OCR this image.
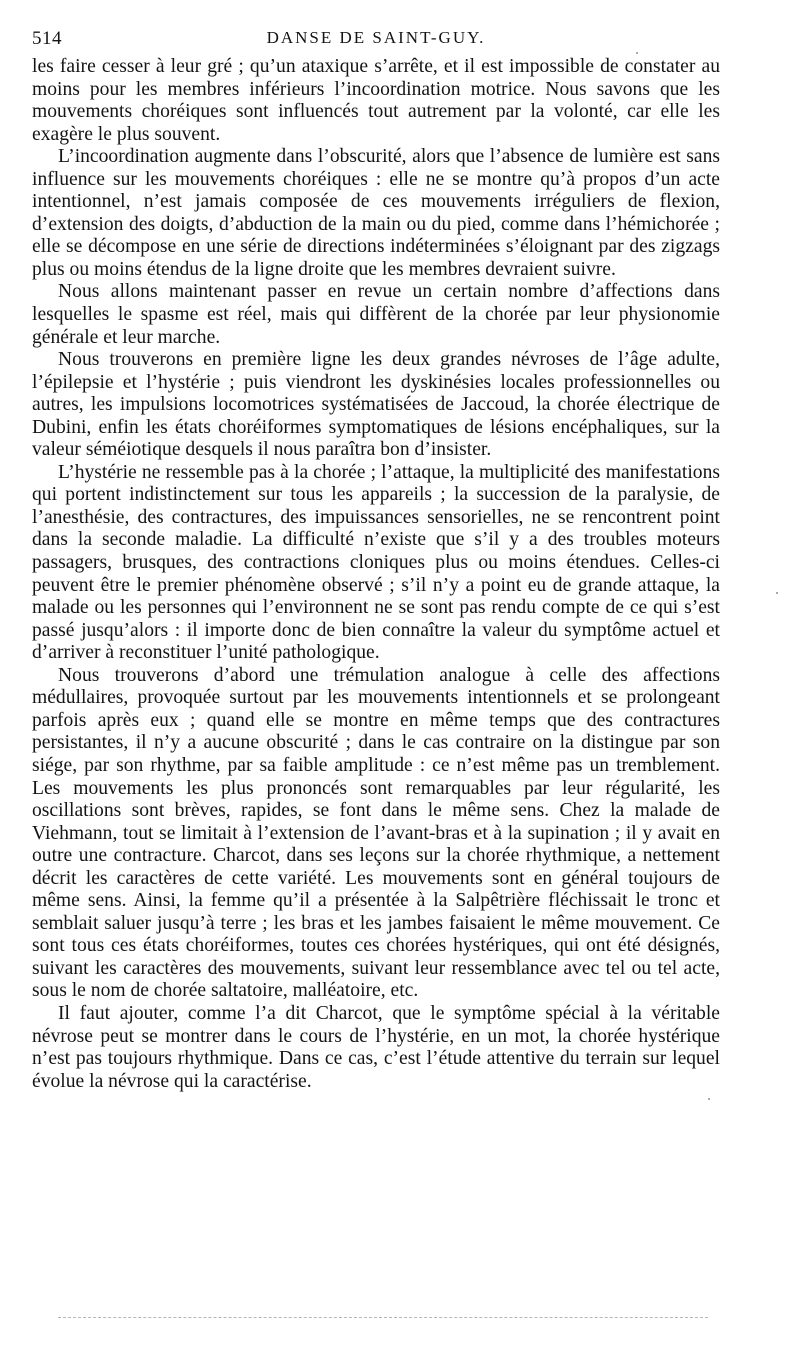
514	DANSE DE SAINT-GUY.

les faire cesser à leur gré ; qu’un ataxique s’arrête, et il est impossible de constater au moins pour les membres inférieurs l’incoordination motrice. Nous savons que les mouvements choréiques sont influencés tout autrement par la volonté, car elle les exagère le plus souvent.

L’incoordination augmente dans l’obscurité, alors que l’absence de lumière est sans influence sur les mouvements choréiques : elle ne se montre qu’à propos d’un acte intentionnel, n’est jamais composée de ces mouvements irréguliers de flexion, d’extension des doigts, d’abduction de la main ou du pied, comme dans l’hémichorée ; elle se décompose en une série de directions indéterminées s’éloignant par des zigzags plus ou moins étendus de la ligne droite que les membres devraient suivre.

Nous allons maintenant passer en revue un certain nombre d’affections dans lesquelles le spasme est réel, mais qui diffèrent de la chorée par leur physionomie générale et leur marche.

Nous trouverons en première ligne les deux grandes névroses de l’âge adulte, l’épilepsie et l’hystérie ; puis viendront les dyskinésies locales professionnelles ou autres, les impulsions locomotrices systématisées de Jaccoud, la chorée électrique de Dubini, enfin les états choréiformes symptomatiques de lésions encéphaliques, sur la valeur séméiotique desquels il nous paraîtra bon d’insister.

L’hystérie ne ressemble pas à la chorée ; l’attaque, la multiplicité des manifestations qui portent indistinctement sur tous les appareils ; la succession de la paralysie, de l’anesthésie, des contractures, des impuissances sensorielles, ne se rencontrent point dans la seconde maladie. La difficulté n’existe que s’il y a des troubles moteurs passagers, brusques, des contractions cloniques plus ou moins étendues. Celles-ci peuvent être le premier phénomène observé ; s’il n’y a point eu de grande attaque, la malade ou les personnes qui l’environnent ne se sont pas rendu compte de ce qui s’est passé jusqu’alors : il importe donc de bien connaître la valeur du symptôme actuel et d’arriver à reconstituer l’unité pathologique.

Nous trouverons d’abord une trémulation analogue à celle des affections médullaires, provoquée surtout par les mouvements intentionnels et se prolongeant parfois après eux ; quand elle se montre en même temps que des contractures persistantes, il n’y a aucune obscurité ; dans le cas contraire on la distingue par son siége, par son rhythme, par sa faible amplitude : ce n’est même pas un tremblement. Les mouvements les plus prononcés sont remarquables par leur régularité, les oscillations sont brèves, rapides, se font dans le même sens. Chez la malade de Viehmann, tout se limitait à l’extension de l’avant-bras et à la supination ; il y avait en outre une contracture. Charcot, dans ses leçons sur la chorée rhythmique, a nettement décrit les caractères de cette variété. Les mouvements sont en général toujours de même sens. Ainsi, la femme qu’il a présentée à la Salpêtrière fléchissait le tronc et semblait saluer jusqu’à terre ; les bras et les jambes faisaient le même mouvement. Ce sont tous ces états choréiformes, toutes ces chorées hystériques, qui ont été désignés, suivant les caractères des mouvements, suivant leur ressemblance avec tel ou tel acte, sous le nom de chorée saltatoire, malléatoire, etc.

Il faut ajouter, comme l’a dit Charcot, que le symptôme spécial à la véritable névrose peut se montrer dans le cours de l’hystérie, en un mot, la chorée hystérique n’est pas toujours rhythmique. Dans ce cas, c’est l’étude attentive du terrain sur lequel évolue la névrose qui la caractérise.
